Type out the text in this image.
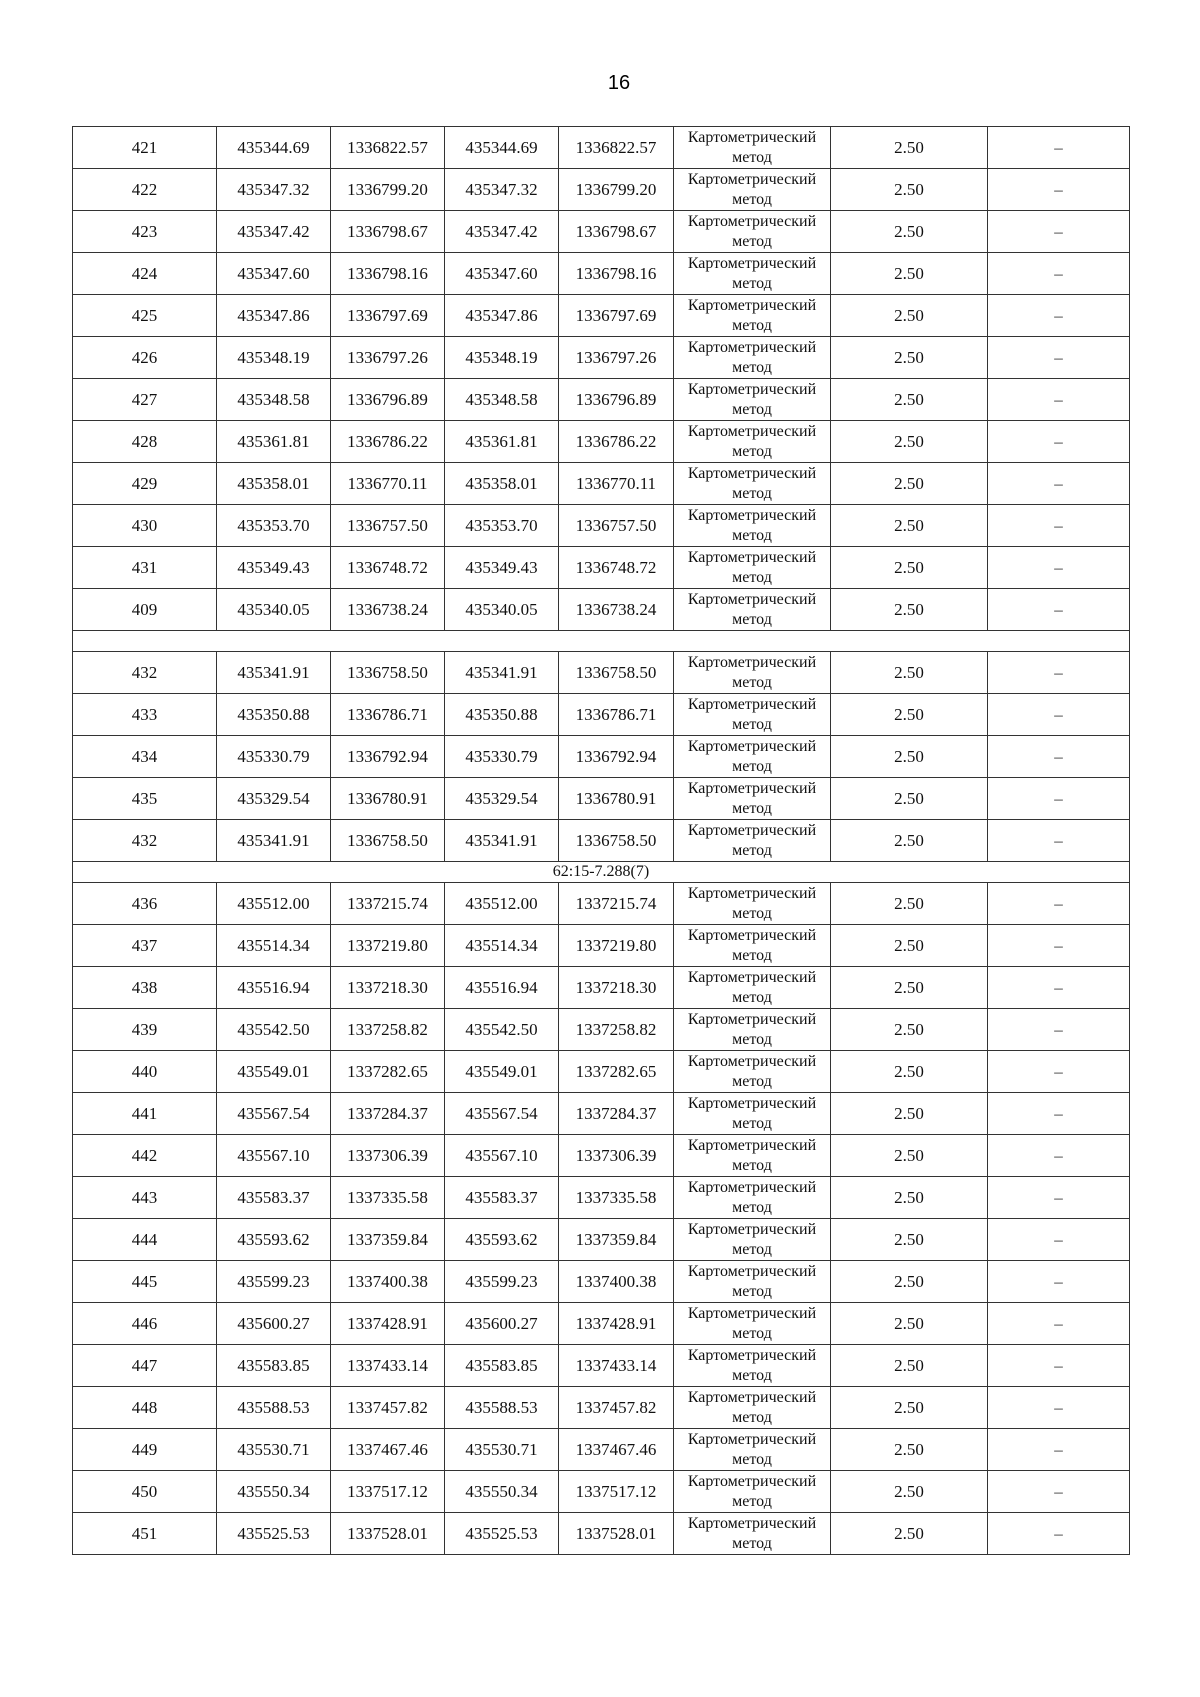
16
421	435344.69	1336822.57	435344.69	1336822.57	Картометрический метод	2.50	–
422	435347.32	1336799.20	435347.32	1336799.20	Картометрический метод	2.50	–
423	435347.42	1336798.67	435347.42	1336798.67	Картометрический метод	2.50	–
424	435347.60	1336798.16	435347.60	1336798.16	Картометрический метод	2.50	–
425	435347.86	1336797.69	435347.86	1336797.69	Картометрический метод	2.50	–
426	435348.19	1336797.26	435348.19	1336797.26	Картометрический метод	2.50	–
427	435348.58	1336796.89	435348.58	1336796.89	Картометрический метод	2.50	–
428	435361.81	1336786.22	435361.81	1336786.22	Картометрический метод	2.50	–
429	435358.01	1336770.11	435358.01	1336770.11	Картометрический метод	2.50	–
430	435353.70	1336757.50	435353.70	1336757.50	Картометрический метод	2.50	–
431	435349.43	1336748.72	435349.43	1336748.72	Картометрический метод	2.50	–
409	435340.05	1336738.24	435340.05	1336738.24	Картометрический метод	2.50	–

432	435341.91	1336758.50	435341.91	1336758.50	Картометрический метод	2.50	–
433	435350.88	1336786.71	435350.88	1336786.71	Картометрический метод	2.50	–
434	435330.79	1336792.94	435330.79	1336792.94	Картометрический метод	2.50	–
435	435329.54	1336780.91	435329.54	1336780.91	Картометрический метод	2.50	–
432	435341.91	1336758.50	435341.91	1336758.50	Картометрический метод	2.50	–
62:15-7.288(7)							
436	435512.00	1337215.74	435512.00	1337215.74	Картометрический метод	2.50	–
437	435514.34	1337219.80	435514.34	1337219.80	Картометрический метод	2.50	–
438	435516.94	1337218.30	435516.94	1337218.30	Картометрический метод	2.50	–
439	435542.50	1337258.82	435542.50	1337258.82	Картометрический метод	2.50	–
440	435549.01	1337282.65	435549.01	1337282.65	Картометрический метод	2.50	–
441	435567.54	1337284.37	435567.54	1337284.37	Картометрический метод	2.50	–
442	435567.10	1337306.39	435567.10	1337306.39	Картометрический метод	2.50	–
443	435583.37	1337335.58	435583.37	1337335.58	Картометрический метод	2.50	–
444	435593.62	1337359.84	435593.62	1337359.84	Картометрический метод	2.50	–
445	435599.23	1337400.38	435599.23	1337400.38	Картометрический метод	2.50	–
446	435600.27	1337428.91	435600.27	1337428.91	Картометрический метод	2.50	–
447	435583.85	1337433.14	435583.85	1337433.14	Картометрический метод	2.50	–
448	435588.53	1337457.82	435588.53	1337457.82	Картометрический метод	2.50	–
449	435530.71	1337467.46	435530.71	1337467.46	Картометрический метод	2.50	–
450	435550.34	1337517.12	435550.34	1337517.12	Картометрический метод	2.50	–
451	435525.53	1337528.01	435525.53	1337528.01	Картометрический метод	2.50	–
